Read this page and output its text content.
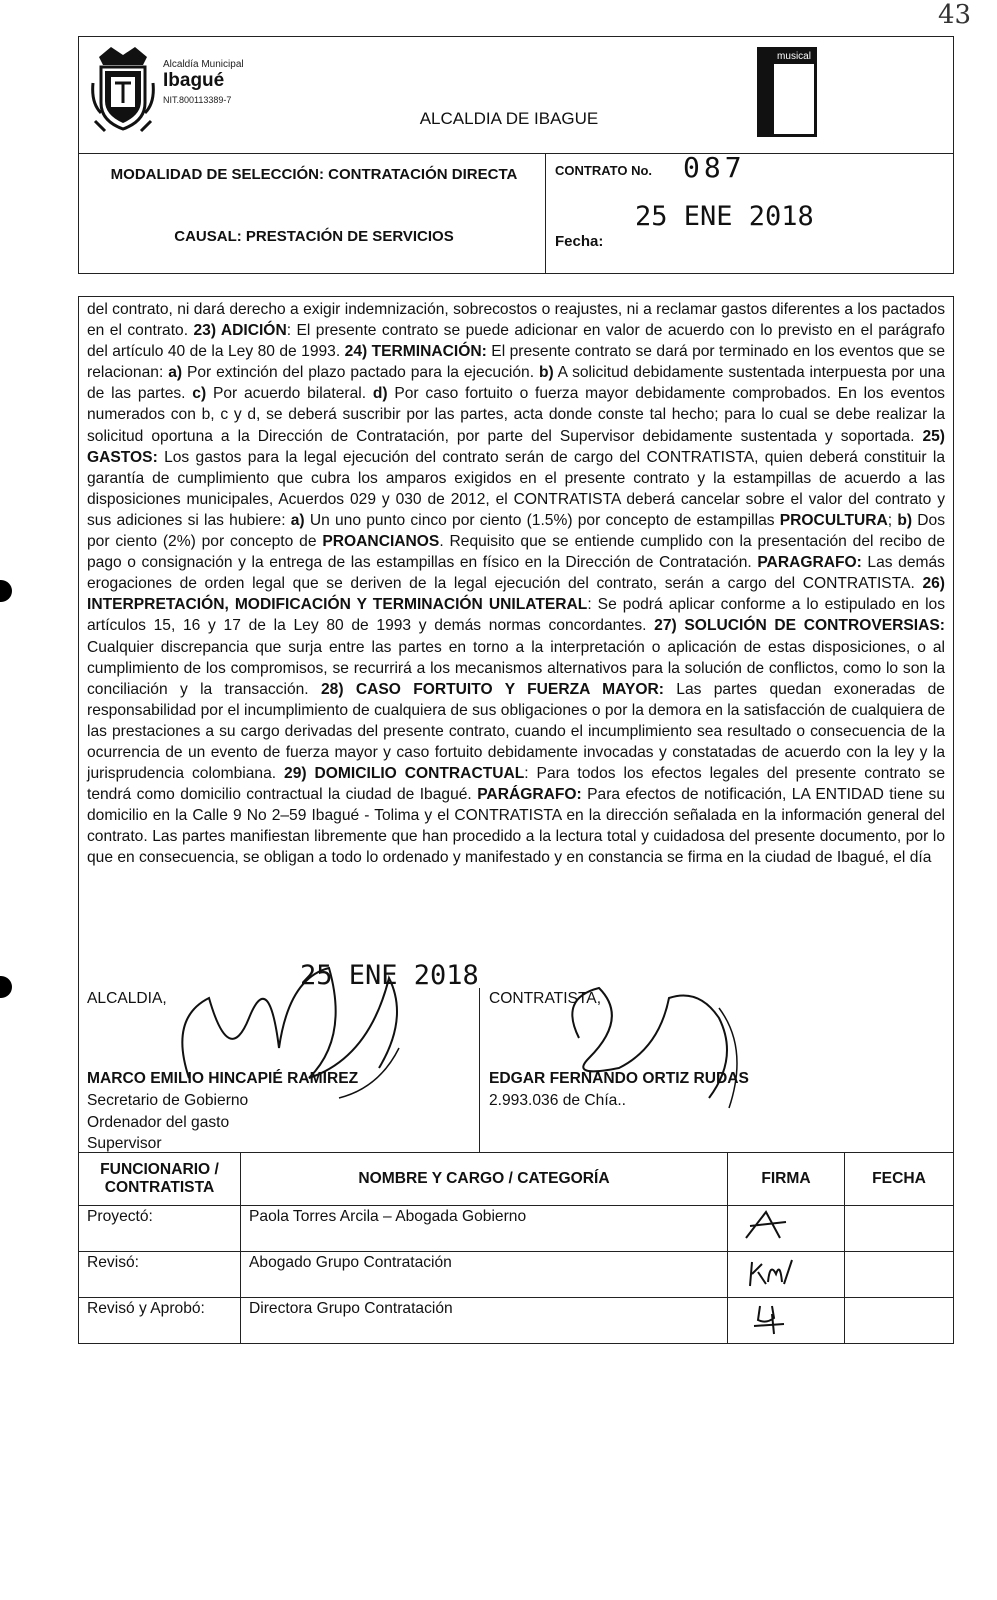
43
Alcaldía Municipal
Ibagué
NIT.800113389-7
ALCALDIA DE IBAGUE
musical
MODALIDAD DE SELECCIÓN: CONTRATACIÓN DIRECTA
CAUSAL: PRESTACIÓN DE SERVICIOS
CONTRATO No. 087
25 ENE 2018
Fecha:
del contrato, ni dará derecho a exigir indemnización, sobrecostos o reajustes, ni a reclamar gastos diferentes a los pactados en el contrato. 23) ADICIÓN: El presente contrato se puede adicionar en valor de acuerdo con lo previsto en el parágrafo del artículo 40 de la Ley 80 de 1993. 24) TERMINACIÓN: El presente contrato se dará por terminado en los eventos que se relacionan: a) Por extinción del plazo pactado para la ejecución. b) A solicitud debidamente sustentada interpuesta por una de las partes. c) Por acuerdo bilateral. d) Por caso fortuito o fuerza mayor debidamente comprobados. En los eventos numerados con b, c y d, se deberá suscribir por las partes, acta donde conste tal hecho; para lo cual se debe realizar la solicitud oportuna a la Dirección de Contratación, por parte del Supervisor debidamente sustentada y soportada. 25) GASTOS: Los gastos para la legal ejecución del contrato serán de cargo del CONTRATISTA, quien deberá constituir la garantía de cumplimiento que cubra los amparos exigidos en el presente contrato y la estampillas de acuerdo a las disposiciones municipales, Acuerdos 029 y 030 de 2012, el CONTRATISTA deberá cancelar sobre el valor del contrato y sus adiciones si las hubiere: a) Un uno punto cinco por ciento (1.5%) por concepto de estampillas PROCULTURA; b) Dos por ciento (2%) por concepto de PROANCIANOS. Requisito que se entiende cumplido con la presentación del recibo de pago o consignación y la entrega de las estampillas en físico en la Dirección de Contratación. PARAGRAFO: Las demás erogaciones de orden legal que se deriven de la legal ejecución del contrato, serán a cargo del CONTRATISTA. 26) INTERPRETACIÓN, MODIFICACIÓN Y TERMINACIÓN UNILATERAL: Se podrá aplicar conforme a lo estipulado en los artículos 15, 16 y 17 de la Ley 80 de 1993 y demás normas concordantes. 27) SOLUCIÓN DE CONTROVERSIAS: Cualquier discrepancia que surja entre las partes en torno a la interpretación o aplicación de estas disposiciones, o al cumplimiento de los compromisos, se recurrirá a los mecanismos alternativos para la solución de conflictos, como lo son la conciliación y la transacción. 28) CASO FORTUITO Y FUERZA MAYOR: Las partes quedan exoneradas de responsabilidad por el incumplimiento de cualquiera de sus obligaciones o por la demora en la satisfacción de cualquiera de las prestaciones a su cargo derivadas del presente contrato, cuando el incumplimiento sea resultado o consecuencia de la ocurrencia de un evento de fuerza mayor y caso fortuito debidamente invocadas y constatadas de acuerdo con la ley y la jurisprudencia colombiana. 29) DOMICILIO CONTRACTUAL: Para todos los efectos legales del presente contrato se tendrá como domicilio contractual la ciudad de Ibagué. PARÁGRAFO: Para efectos de notificación, LA ENTIDAD tiene su domicilio en la Calle 9 No 2–59 Ibagué - Tolima y el CONTRATISTA en la dirección señalada en la información general del contrato. Las partes manifiestan libremente que han procedido a la lectura total y cuidadosa del presente documento, por lo que en consecuencia, se obligan a todo lo ordenado y manifestado y en constancia se firma en la ciudad de Ibagué, el día
25 ENE 2018
ALCALDIA,	CONTRATISTA,
MARCO EMILIO HINCAPIÉ RAMIREZ
Secretario de Gobierno
Ordenador del gasto
Supervisor
EDGAR FERNANDO ORTIZ RUDAS
2.993.036 de Chía..
FUNCIONARIO / CONTRATISTA	NOMBRE Y CARGO / CATEGORÍA	FIRMA	FECHA
Proyectó:	Paola Torres Arcila – Abogada Gobierno		
Revisó:	Abogado Grupo Contratación		
Revisó y Aprobó:	Directora Grupo Contratación		
